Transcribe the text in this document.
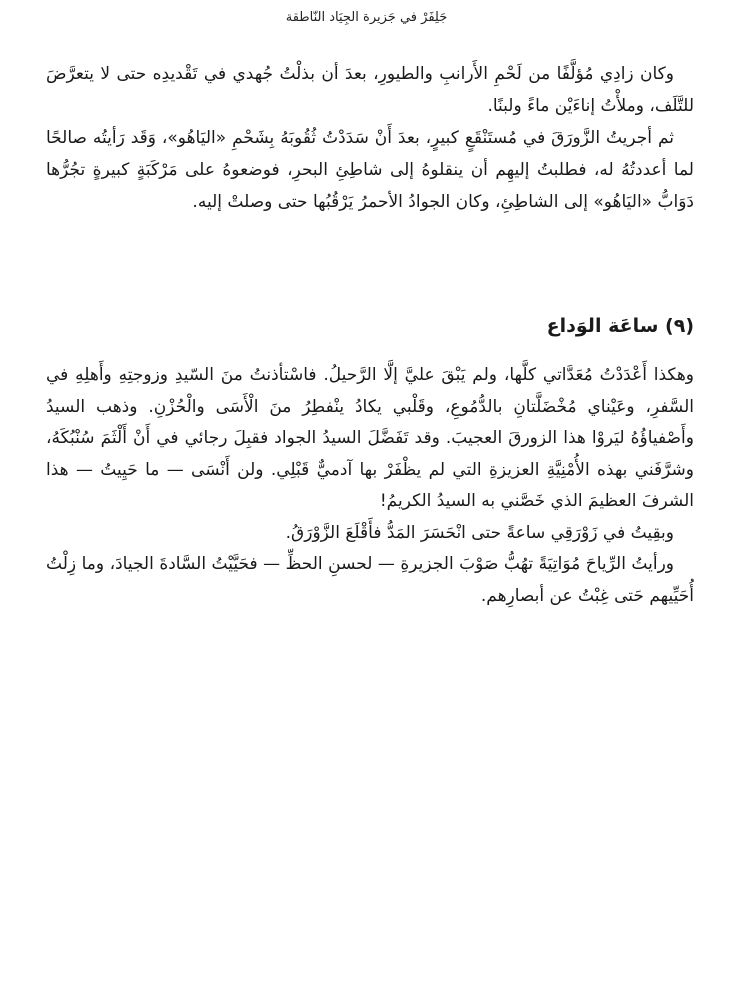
جَلِفَرْ في جَزيرة الجِيَاد النّاطقة

وكان زادِي مُؤلَّفًا من لَحْمِ الأَرانبِ والطيورِ، بعدَ أن بذلْتُ جُهدي في تَقْديدِه حتى لا يتعرَّضَ للتَّلَف، وملأْتُ إناءَيْن ماءً ولبنًا.

ثم أجريتُ الزَّورَقَ في مُستَنْقَعٍ كبيرٍ، بعدَ أَنْ سَدَدْتُ ثُقُوبَهُ بِشَحْمِ «اليَاهُو»، وَقَد رَأيتُه صالحًا لما أعددتُهُ له، فطلبتُ إليهِم أن ينقلوهُ إلى شاطِئِ البحرِ، فوضعوهُ على مَرْكَبَةٍ كبيرةٍ تجُرُّها دَوَابُّ «اليَاهُو» إلى الشاطِئِ، وكان الجوادُ الأحمرُ يَرْقُبُها حتى وصلتْ إليه.

(٩) ساعَة الوَداع

وهكذا أَعْدَدْتُ مُعَدَّاتي كلَّها، ولم يَبْقَ عليَّ إلَّا الرَّحيلُ. فاسْتأذنتُ منَ السّيدِ وزوجتِهِ وأَهلِهِ في السَّفرِ، وعَيْناي مُخْضَلَّتانِ بالدُّمُوعِ، وقَلْبي يكادُ ينْفطِرُ منَ الْأَسَى والْحُزْنِ. وذهب السيدُ وأَصْفياؤُهُ ليَروْا هذا الزورقَ العجيبَ. وقد تَفَضَّلَ السيدُ الجواد فقبِلَ رجائي في أَنْ أَلْثَمَ سُنْبُكَهُ، وشرَّفَني بهذه الأُمْنِيَّةِ العزيزةِ التي لم يظْفَرْ بها آدميٌّ قَبْلِي. ولن أَنْسَى — ما حَيِيتُ — هذا الشرفَ العظيمَ الذي خَصَّني به السيدُ الكريمُ!

وبقِيتُ في زَوْرَقِي ساعةً حتى انْحَسَرَ المَدُّ فأَقْلَعَ الزَّوْرَقُ.

ورأيتُ الرِّياحَ مُوَاتِيَةً تهُبُّ صَوْبَ الجزيرةِ — لحسنِ الحظِّ — فحَيَّيْتُ السَّادةَ الجيادَ، وما زِلْتُ أُحَيِّيهم حَتى غِبْتُ عن أبصارِهم.
